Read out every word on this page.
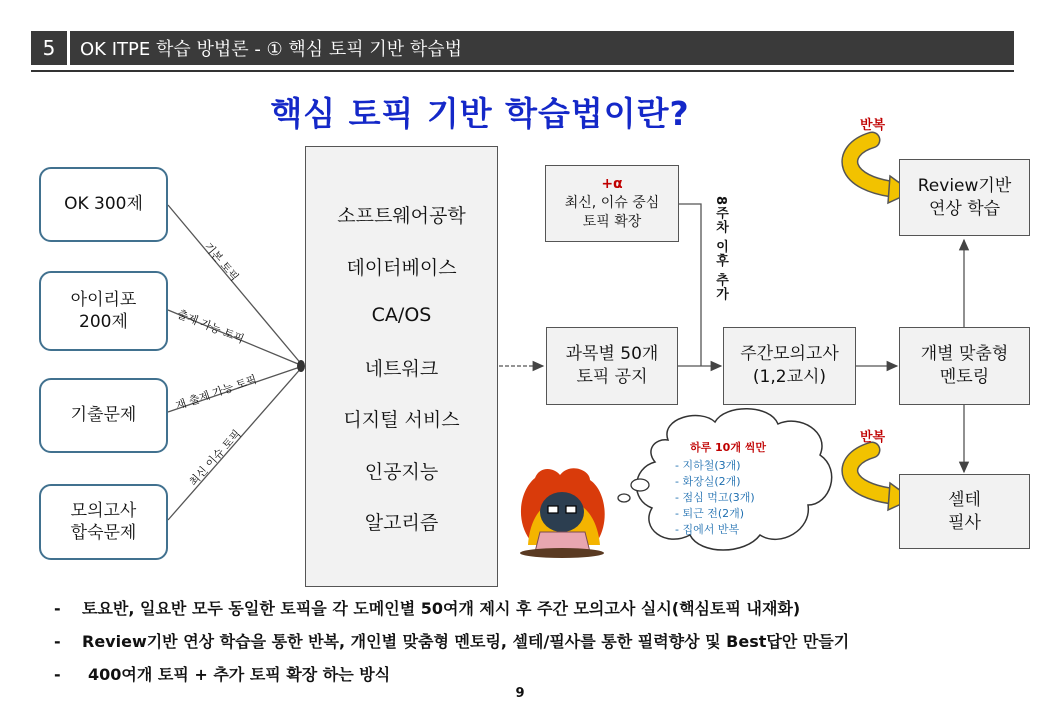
5	OK ITPE 학습 방법론 - ① 핵심 토픽 기반 학습법
핵심 토픽 기반 학습법이란?
OK 300제
아이리포
200제
기출문제
모의고사
합숙문제
기본 토픽
출제 가능 토픽
재 출제 가능 토픽
최신 이슈 토픽
소프트웨어공학
데이터베이스
CA/OS
네트워크
디지털 서비스
인공지능
알고리즘
+α
최신, 이슈 중심
토픽 확장	8주차 이후 추가
과목별 50개
토픽 공지
주간모의고사
(1,2교시)
개별 맞춤형
멘토링
Review기반
연상 학습
셀테
필사
반복
반복
하루 10개 씩만
- 지하철(3개)
- 화장실(2개)
- 점심 먹고(3개)
- 퇴근 전(2개)
- 집에서 반복
- 토요반, 일요반 모두 동일한 토픽을 각 도메인별 50여개 제시 후 주간 모의고사 실시(핵심토픽 내재화)
- Review기반 연상 학습을 통한 반복, 개인별 맞춤형 멘토링, 셀테/필사를 통한 필력향상 및 Best답안 만들기
- 400여개 토픽 + 추가 토픽 확장 하는 방식
9
